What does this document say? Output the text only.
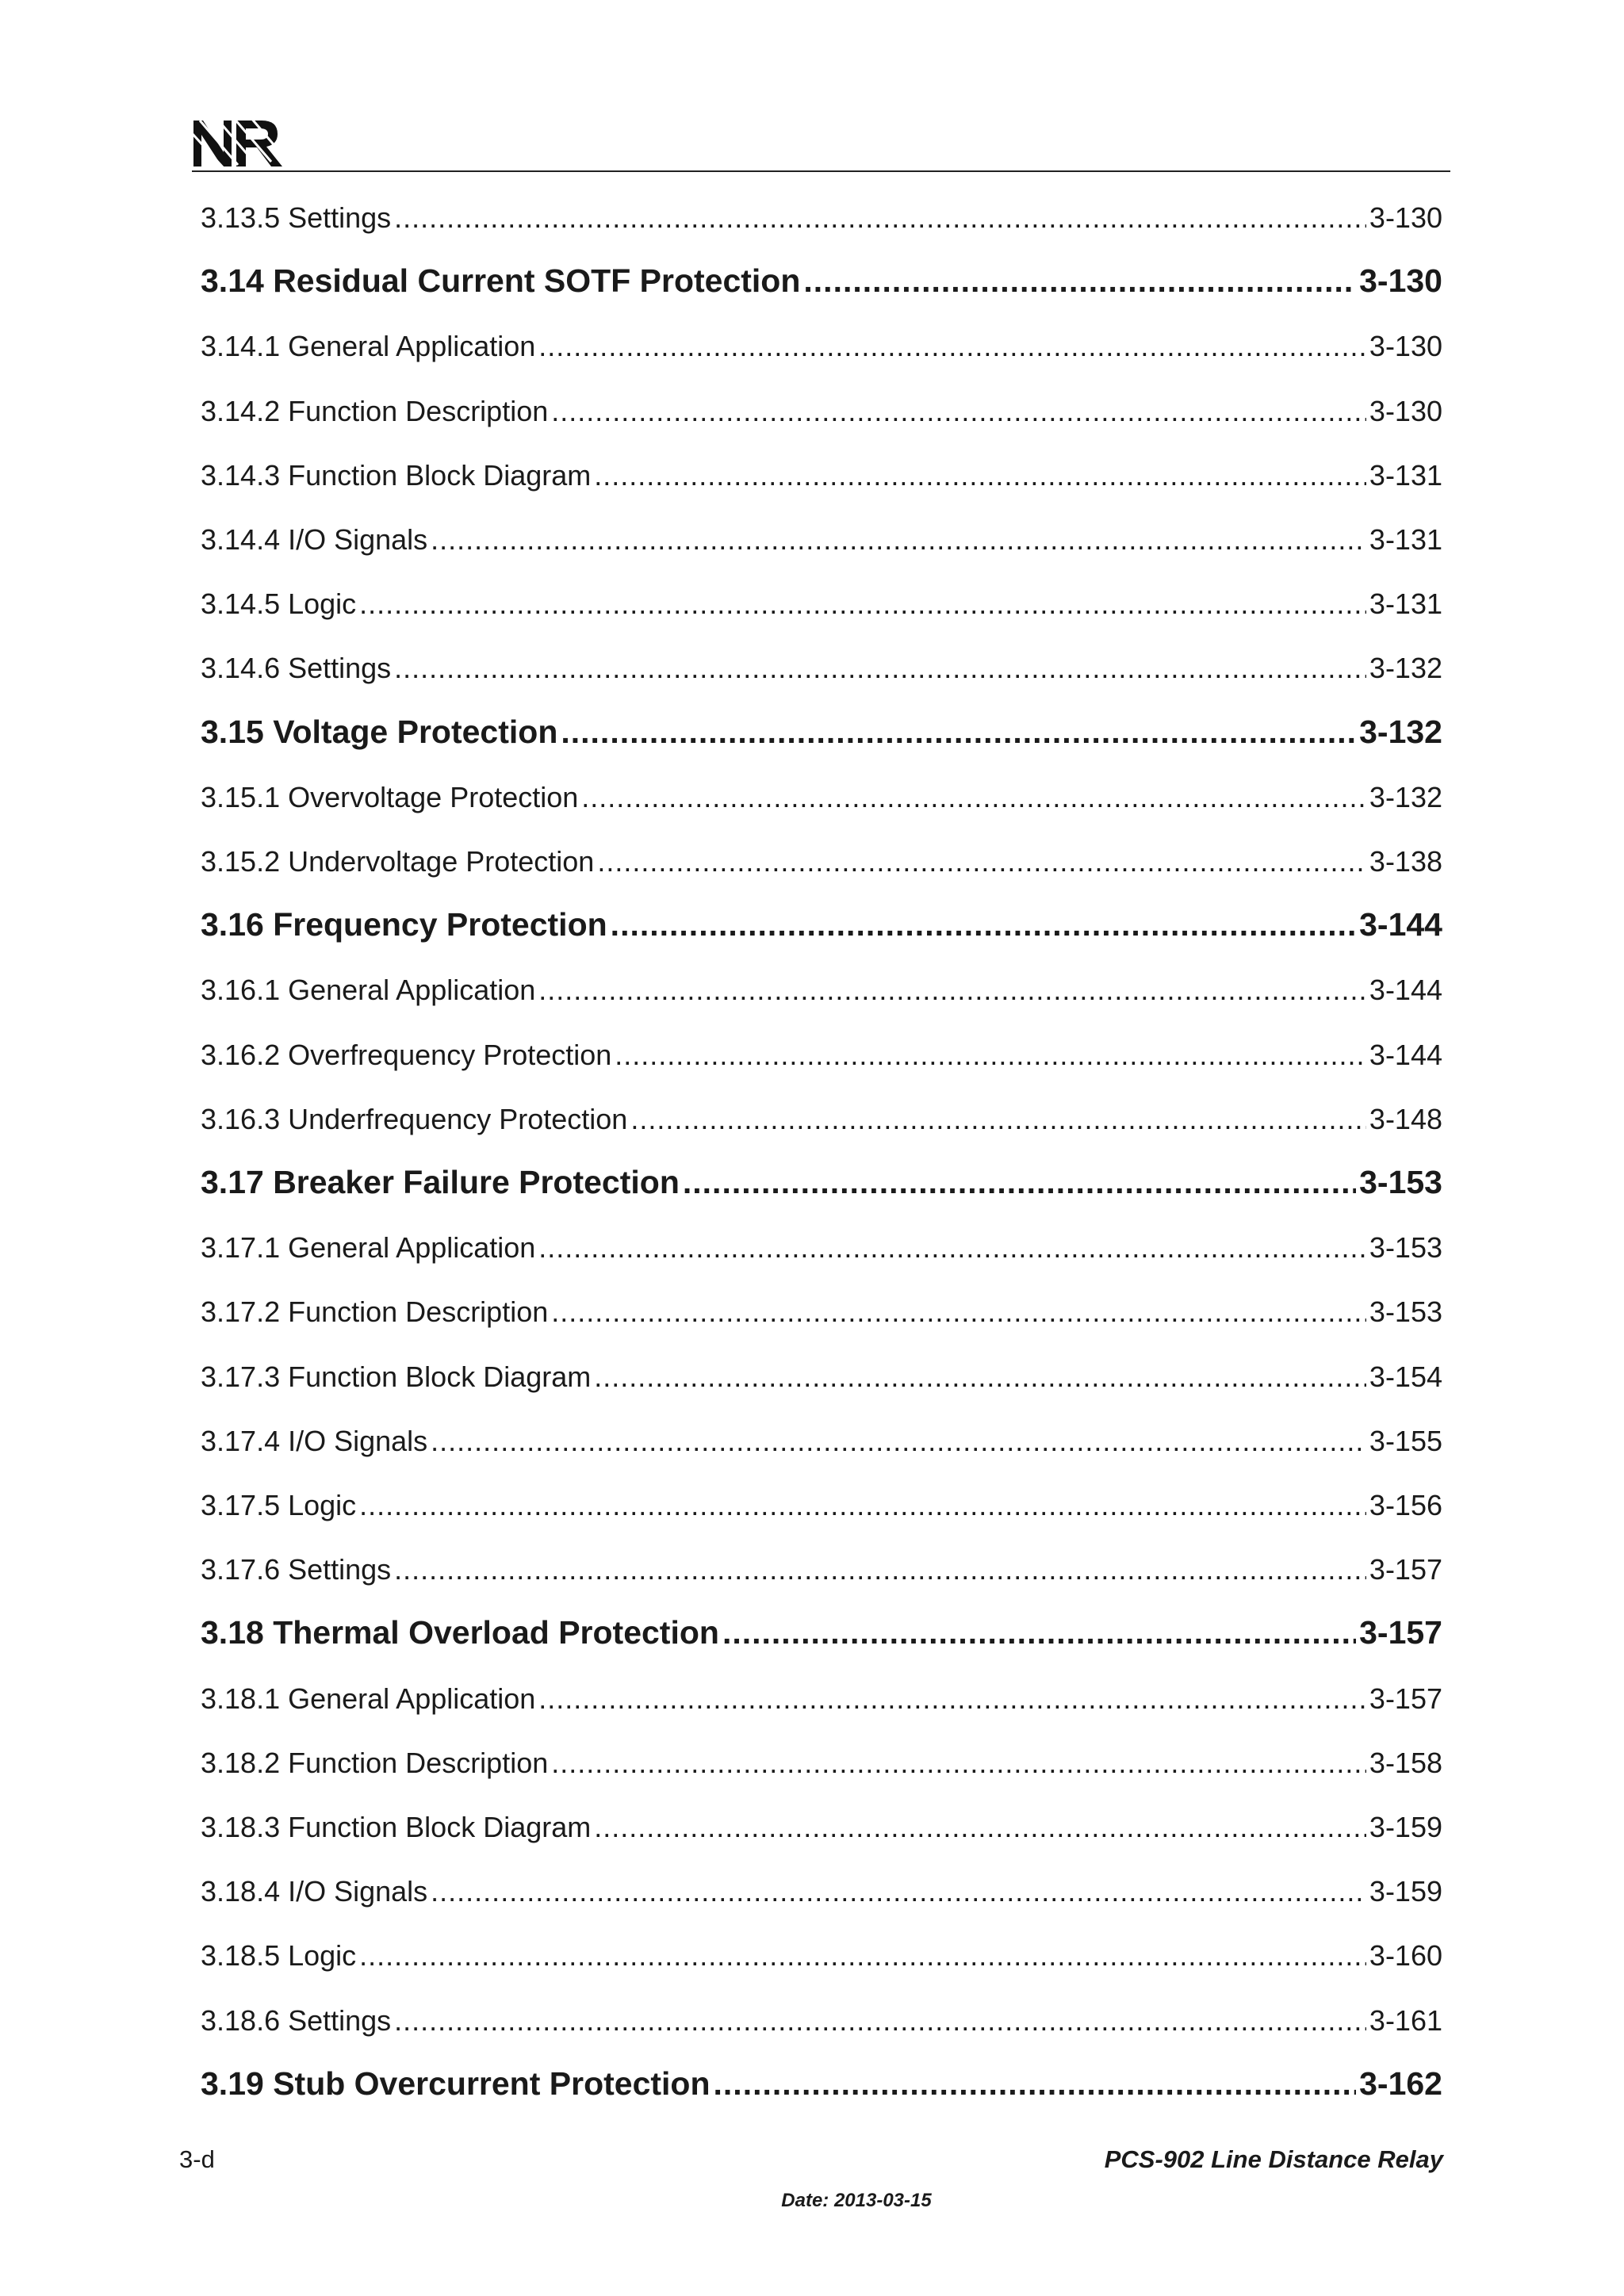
3.13.5 Settings .....	3-130
3.14 Residual Current SOTF Protection .....	3-130
3.14.1 General Application .....	3-130
3.14.2 Function Description .....	3-130
3.14.3 Function Block Diagram .....	3-131
3.14.4 I/O Signals .....	3-131
3.14.5 Logic .....	3-131
3.14.6 Settings .....	3-132
3.15 Voltage Protection .....	3-132
3.15.1 Overvoltage Protection .....	3-132
3.15.2 Undervoltage Protection .....	3-138
3.16 Frequency Protection .....	3-144
3.16.1 General Application .....	3-144
3.16.2 Overfrequency Protection .....	3-144
3.16.3 Underfrequency Protection .....	3-148
3.17 Breaker Failure Protection .....	3-153
3.17.1 General Application .....	3-153
3.17.2 Function Description .....	3-153
3.17.3 Function Block Diagram .....	3-154
3.17.4 I/O Signals .....	3-155
3.17.5 Logic .....	3-156
3.17.6 Settings .....	3-157
3.18 Thermal Overload Protection .....	3-157
3.18.1 General Application .....	3-157
3.18.2 Function Description .....	3-158
3.18.3 Function Block Diagram .....	3-159
3.18.4 I/O Signals .....	3-159
3.18.5 Logic .....	3-160
3.18.6 Settings .....	3-161
3.19 Stub Overcurrent Protection .....	3-162
3-d	PCS-902 Line Distance Relay
Date: 2013-03-15
